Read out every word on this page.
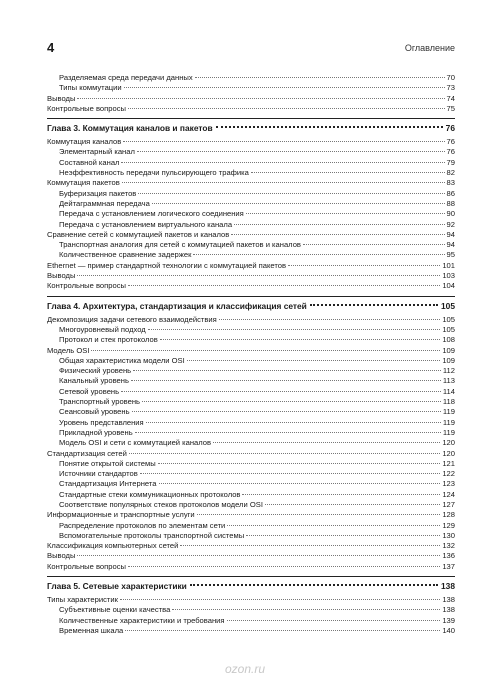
4	Оглавление
Разделяемая среда передачи данных	70
Типы коммутации	73
Выводы	74
Контрольные вопросы	75
Глава 3. Коммутация каналов и пакетов	76
Коммутация каналов	76
Элементарный канал	76
Составной канал	79
Неэффективность передачи пульсирующего трафика	82
Коммутация пакетов	83
Буферизация пакетов	86
Дейтаграммная передача	88
Передача с установлением логического соединения	90
Передача с установлением виртуального канала	92
Сравнение сетей с коммутацией пакетов и каналов	94
Транспортная аналогия для сетей с коммутацией пакетов и каналов	94
Количественное сравнение задержек	95
Ethernet — пример стандартной технологии с коммутацией пакетов	101
Выводы	103
Контрольные вопросы	104
Глава 4. Архитектура, стандартизация и классификация сетей	105
Декомпозиция задачи сетевого взаимодействия	105
Многоуровневый подход	105
Протокол и стек протоколов	108
Модель OSI	109
Общая характеристика модели OSI	109
Физический уровень	112
Канальный уровень	113
Сетевой уровень	114
Транспортный уровень	118
Сеансовый уровень	119
Уровень представления	119
Прикладной уровень	119
Модель OSI и сети с коммутацией каналов	120
Стандартизация сетей	120
Понятие открытой системы	121
Источники стандартов	122
Стандартизация Интернета	123
Стандартные стеки коммуникационных протоколов	124
Соответствие популярных стеков протоколов модели OSI	127
Информационные и транспортные услуги	128
Распределение протоколов по элементам сети	129
Вспомогательные протоколы транспортной системы	130
Классификация компьютерных сетей	132
Выводы	136
Контрольные вопросы	137
Глава 5. Сетевые характеристики	138
Типы характеристик	138
Субъективные оценки качества	138
Количественные характеристики и требования	139
Временная шкала	140
ozon.ru
